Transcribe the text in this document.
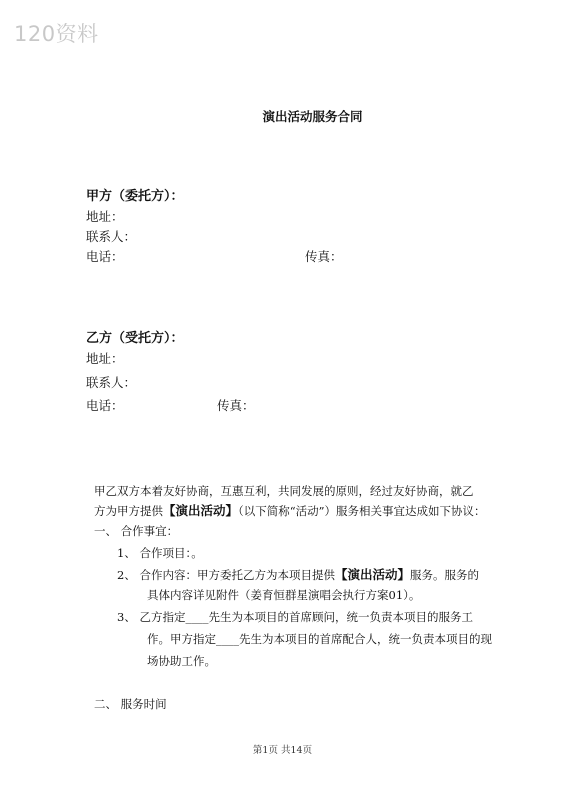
120资料
演出活动服务合同
甲方（委托方）：
地址：
联系人：
电话：	传真：
乙方（受托方）：
地址：
联系人：
电话：	传真：
甲乙双方本着友好协商，互惠互利，共同发展的原则，经过友好协商，就乙
方为甲方提供【演出活动】（以下简称“活动”）服务相关事宜达成如下协议：
一、 合作事宜：
1、 合作项目：。
2、 合作内容：甲方委托乙方为本项目提供【演出活动】服务。服务的
具体内容详见附件（姜育恒群星演唱会执行方案01）。
3、 乙方指定____先生为本项目的首席顾问，统一负责本项目的服务工
作。甲方指定____先生为本项目的首席配合人，统一负责本项目的现
场协助工作。
二、 服务时间
第1页 共14页
